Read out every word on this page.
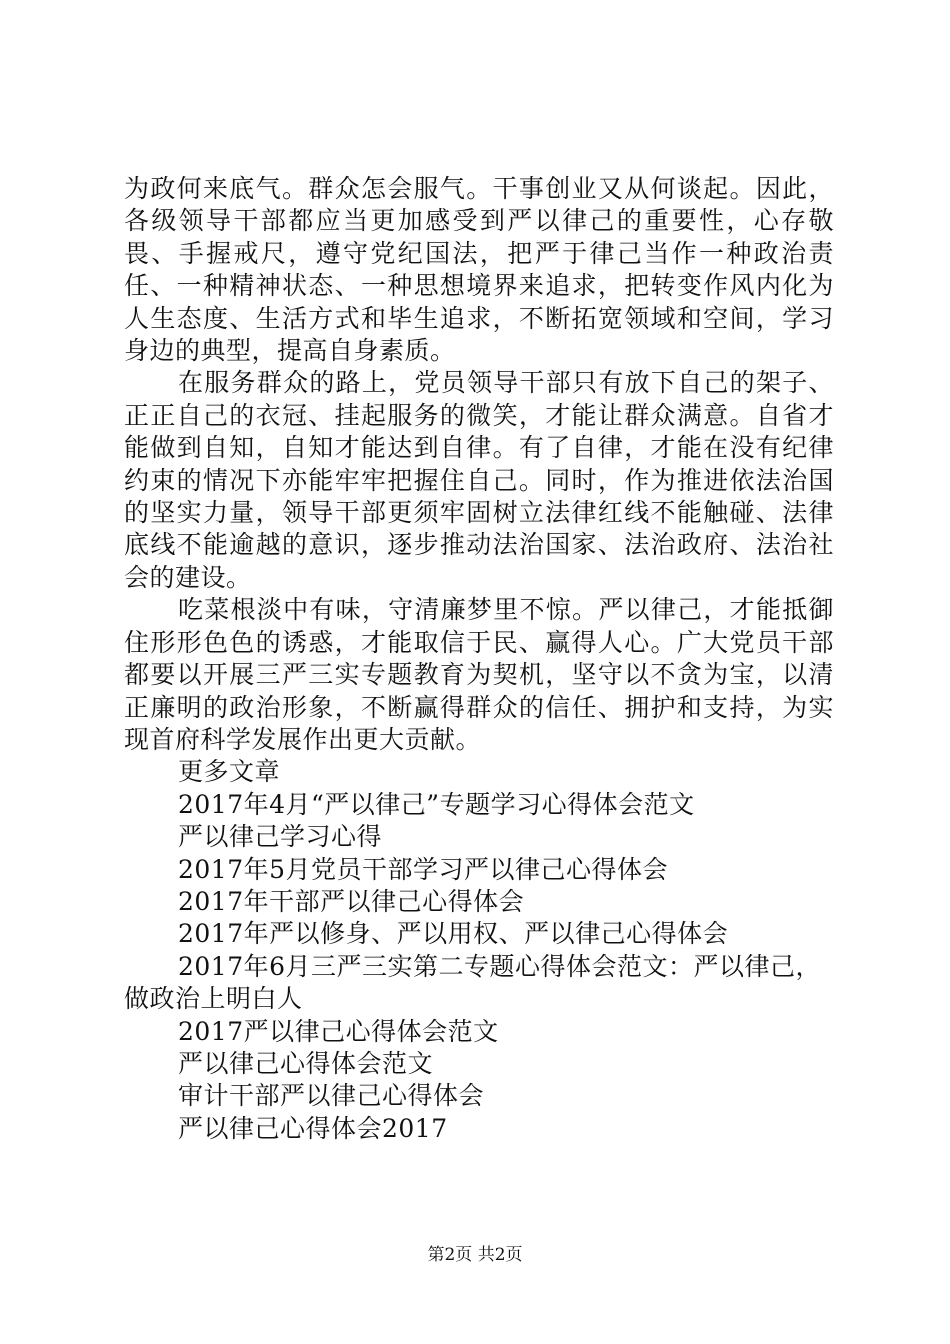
为政何来底气。群众怎会服气。干事创业又从何谈起。因此，各级领导干部都应当更加感受到严以律己的重要性，心存敬畏、手握戒尺，遵守党纪国法，把严于律己当作一种政治责任、一种精神状态、一种思想境界来追求，把转变作风内化为人生态度、生活方式和毕生追求，不断拓宽领域和空间，学习身边的典型，提高自身素质。

在服务群众的路上，党员领导干部只有放下自己的架子、正正自己的衣冠、挂起服务的微笑，才能让群众满意。自省才能做到自知，自知才能达到自律。有了自律，才能在没有纪律约束的情况下亦能牢牢把握住自己。同时，作为推进依法治国的坚实力量，领导干部更须牢固树立法律红线不能触碰、法律底线不能逾越的意识，逐步推动法治国家、法治政府、法治社会的建设。

吃菜根淡中有味，守清廉梦里不惊。严以律己，才能抵御住形形色色的诱惑，才能取信于民、赢得人心。广大党员干部都要以开展三严三实专题教育为契机，坚守以不贪为宝，以清正廉明的政治形象，不断赢得群众的信任、拥护和支持，为实现首府科学发展作出更大贡献。

更多文章

2017年4月“严以律己”专题学习心得体会范文
严以律己学习心得
2017年5月党员干部学习严以律己心得体会
2017年干部严以律己心得体会
2017年严以修身、严以用权、严以律己心得体会
2017年6月三严三实第二专题心得体会范文：严以律己，做政治上明白人
2017严以律己心得体会范文
严以律己心得体会范文
审计干部严以律己心得体会
严以律己心得体会2017
第2页 共2页
